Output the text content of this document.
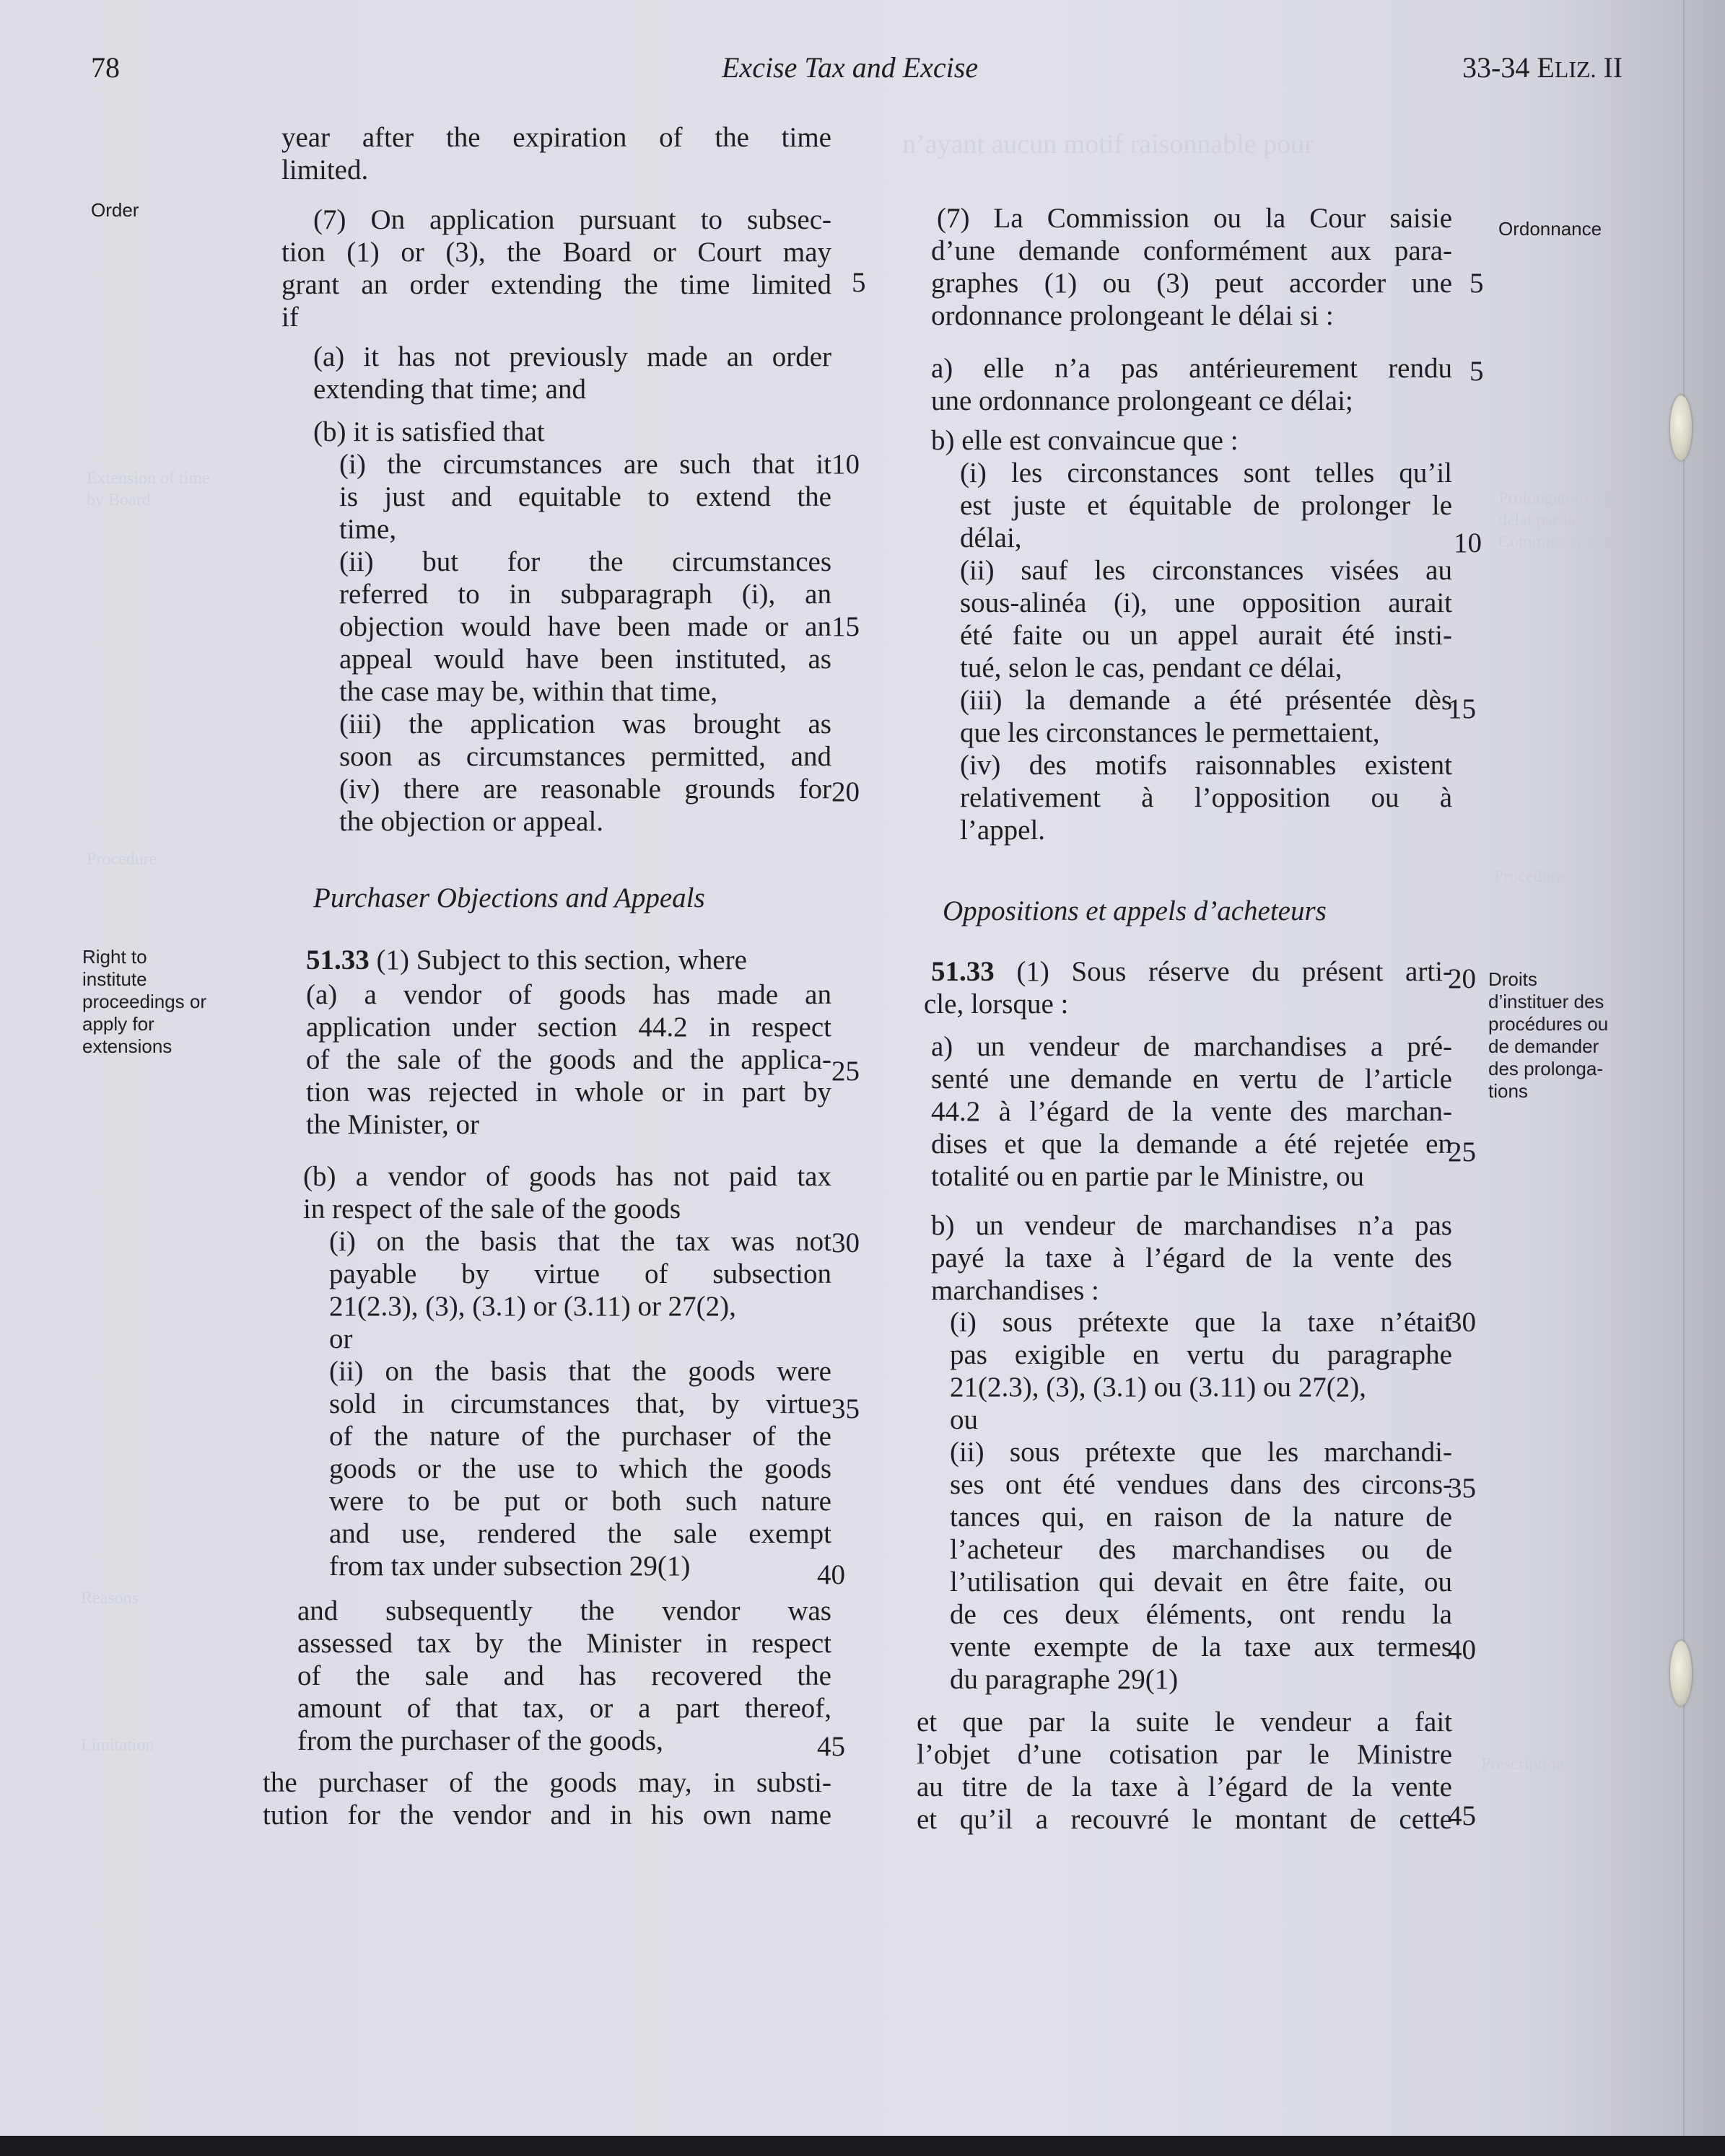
78	Excise Tax and Excise	33-34 ELIZ. II
n’ayant aucun motif raisonnable pour
Extension of time by Board	Prolongation du délai par la Commission du tarif
Procedure
Procédure
Reasons
Limitation
Prescription
Order
Right to
institute
proceedings or
apply for
extensions
Ordonnance
Droits
d’instituer des
procédures ou
de demander
des prolonga-
tions
year after the expiration of the time
limited.
(7) On application pursuant to subsec-
tion (1) or (3), the Board or Court may
grant an order extending the time limited
if
(a) it has not previously made an order
extending that time; and
(b) it is satisfied that
(i) the circumstances are such that it
is just and equitable to extend the
time,
(ii) but for the circumstances
referred to in subparagraph (i), an
objection would have been made or an
appeal would have been instituted, as
the case may be, within that time,
(iii) the application was brought as
soon as circumstances permitted, and
(iv) there are reasonable grounds for
the objection or appeal.
Purchaser Objections and Appeals
51.33 (1) Subject to this section, where
(a) a vendor of goods has made an
application under section 44.2 in respect
of the sale of the goods and the applica-
tion was rejected in whole or in part by
the Minister, or
(b) a vendor of goods has not paid tax
in respect of the sale of the goods
(i) on the basis that the tax was not
payable by virtue of subsection
21(2.3), (3), (3.1) or (3.11) or 27(2),
or
(ii) on the basis that the goods were
sold in circumstances that, by virtue
of the nature of the purchaser of the
goods or the use to which the goods
were to be put or both such nature
and use, rendered the sale exempt
from tax under subsection 29(1)
and subsequently the vendor was
assessed tax by the Minister in respect
of the sale and has recovered the
amount of that tax, or a part thereof,
from the purchaser of the goods,
the purchaser of the goods may, in substi-
tution for the vendor and in his own name
5
10
15
20
25
30
35
40
45
(7) La Commission ou la Cour saisie
d’une demande conformément aux para-
graphes (1) ou (3) peut accorder une
ordonnance prolongeant le délai si :
a) elle n’a pas antérieurement rendu
une ordonnance prolongeant ce délai;
b) elle est convaincue que :
(i) les circonstances sont telles qu’il
est juste et équitable de prolonger le
délai,
(ii) sauf les circonstances visées au
sous-alinéa (i), une opposition aurait
été faite ou un appel aurait été insti-
tué, selon le cas, pendant ce délai,
(iii) la demande a été présentée dès
que les circonstances le permettaient,
(iv) des motifs raisonnables existent
relativement à l’opposition ou à
l’appel.
Oppositions et appels d’acheteurs
51.33 (1) Sous réserve du présent arti-
cle, lorsque :
a) un vendeur de marchandises a pré-
senté une demande en vertu de l’article
44.2 à l’égard de la vente des marchan-
dises et que la demande a été rejetée en
totalité ou en partie par le Ministre, ou
b) un vendeur de marchandises n’a pas
payé la taxe à l’égard de la vente des
marchandises :
(i) sous prétexte que la taxe n’était
pas exigible en vertu du paragraphe
21(2.3), (3), (3.1) ou (3.11) ou 27(2),
ou
(ii) sous prétexte que les marchandi-
ses ont été vendues dans des circons-
tances qui, en raison de la nature de
l’acheteur des marchandises ou de
l’utilisation qui devait en être faite, ou
de ces deux éléments, ont rendu la
vente exempte de la taxe aux termes
du paragraphe 29(1)
et que par la suite le vendeur a fait
l’objet d’une cotisation par le Ministre
au titre de la taxe à l’égard de la vente
et qu’il a recouvré le montant de cette
5
10
15
20
25
30
35
40
45
5
